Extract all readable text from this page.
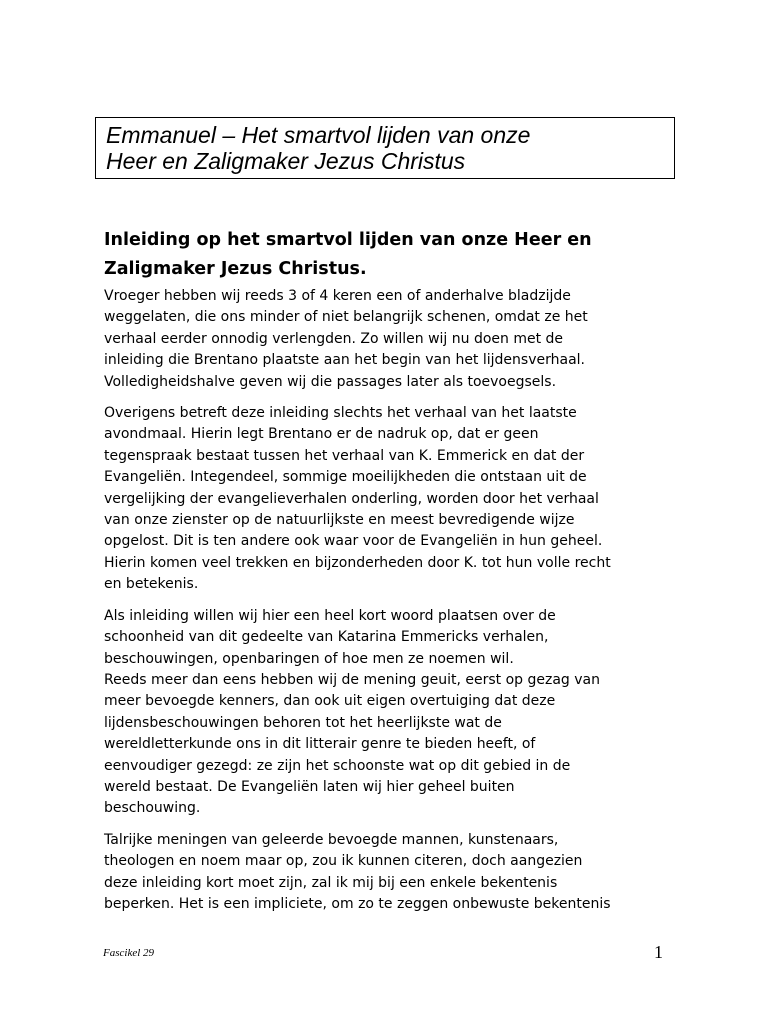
Emmanuel – Het smartvol lijden van onze
Heer en Zaligmaker Jezus Christus
Inleiding op het smartvol lijden van onze Heer en
Zaligmaker Jezus Christus.
Vroeger hebben wij reeds 3 of 4 keren een of anderhalve bladzijde
weggelaten, die ons minder of niet belangrijk schenen, omdat ze het
verhaal eerder onnodig verlengden. Zo willen wij nu doen met de
inleiding die Brentano plaatste aan het begin van het lijdensverhaal.
Volledigheidshalve geven wij die passages later als toevoegsels.
Overigens betreft deze inleiding slechts het verhaal van het laatste
avondmaal. Hierin legt Brentano er de nadruk op, dat er geen
tegenspraak bestaat tussen het verhaal van K. Emmerick en dat der
Evangeliën. Integendeel, sommige moeilijkheden die ontstaan uit de
vergelijking der evangelieverhalen onderling, worden door het verhaal
van onze zienster op de natuurlijkste en meest bevredigende wijze
opgelost. Dit is ten andere ook waar voor de Evangeliën in hun geheel.
Hierin komen veel trekken en bijzonderheden door K. tot hun volle recht
en betekenis.
Als inleiding willen wij hier een heel kort woord plaatsen over de
schoonheid van dit gedeelte van Katarina Emmericks verhalen,
beschouwingen, openbaringen of hoe men ze noemen wil.
Reeds meer dan eens hebben wij de mening geuit, eerst op gezag van
meer bevoegde kenners, dan ook uit eigen overtuiging dat deze
lijdensbeschouwingen behoren tot het heerlijkste wat de
wereldletterkunde ons in dit litterair genre te bieden heeft, of
eenvoudiger gezegd: ze zijn het schoonste wat op dit gebied in de
wereld bestaat. De Evangeliën laten wij hier geheel buiten
beschouwing.
Talrijke meningen van geleerde bevoegde mannen, kunstenaars,
theologen en noem maar op, zou ik kunnen citeren, doch aangezien
deze inleiding kort moet zijn, zal ik mij bij een enkele bekentenis
beperken. Het is een impliciete, om zo te zeggen onbewuste bekentenis
Fascikel 29	1
